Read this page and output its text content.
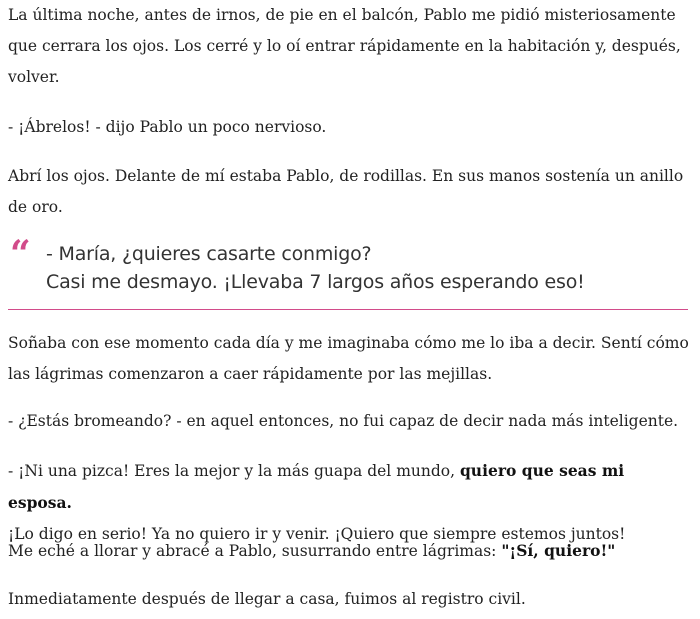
La última noche, antes de irnos, de pie en el balcón, Pablo me pidió misteriosamente que cerrara los ojos. Los cerré y lo oí entrar rápidamente en la habitación y, después, volver.

- ¡Ábrelos! - dijo Pablo un poco nervioso.

Abrí los ojos. Delante de mí estaba Pablo, de rodillas. En sus manos sostenía un anillo de oro.

“ - María, ¿quieres casarte conmigo?
Casi me desmayo. ¡Llevaba 7 largos años esperando eso!

Soñaba con ese momento cada día y me imaginaba cómo me lo iba a decir. Sentí cómo las lágrimas comenzaron a caer rápidamente por las mejillas.

- ¿Estás bromeando? - en aquel entonces, no fui capaz de decir nada más inteligente.

- ¡Ni una pizca! Eres la mejor y la más guapa del mundo, quiero que seas mi esposa.
¡Lo digo en serio! Ya no quiero ir y venir. ¡Quiero que siempre estemos juntos!

Me eché a llorar y abracé a Pablo, susurrando entre lágrimas: "¡Sí, quiero!"

Inmediatamente después de llegar a casa, fuimos al registro civil.
